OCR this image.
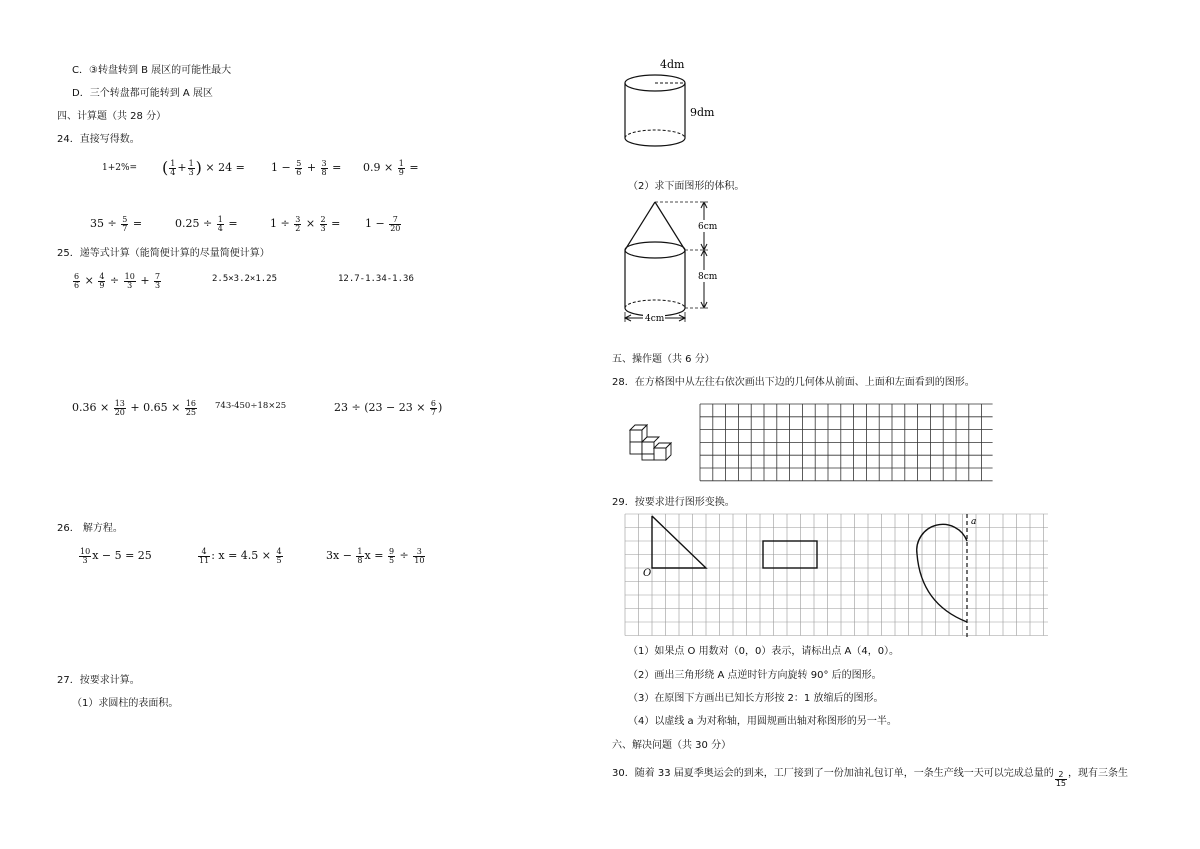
C．③转盘转到 B 展区的可能性最大
D．三个转盘都可能转到 A 展区
四、计算题（共 28 分）
24．直接写得数。
1+2%= ( $\frac{1}{4} + \frac{1}{3}$ ) × $24 = 1 - \frac{5}{6} + \frac{3}{8} = 0.9 \times \frac{1}{9}$ =
$35 \div \frac{5}{7}$ =	$0.25 \div \frac{1}{4}$ =	$1 \div \frac{3}{2} \times \frac{2}{3} = 1 - \frac{7}{20}$
25．递等式计算（能简便计算的尽量简便计算）
$\frac{6}{6} \times \frac{4}{9} \div \frac{10}{3} + \frac{7}{3}$	2.5×3.2×1.25	12.7-1.34-1.36
$0.36 \times \frac{13}{20} + 0.65 \times \frac{16}{25} 743-450\div 18\times 25$	$23 \div (23 - 23 \times \frac{6}{7}$ )
26． 解方程。
$\frac{10}{3}$ x − 5 = 25	$\frac{4}{11}$ : $x = 4.5 \times \frac{4}{5}$	$3x - \frac{1}{8}$ $x = \frac{9}{5} \div \frac{3}{10}$
27．按要求计算。
（1）求圆柱的表面积。
4dm
9dm
（2）求下面图形的体积。
6cm
8cm
4cm
五、操作题（共 6 分）
28．在方格图中从左往右依次画出下边的几何体从前面、上面和左面看到的图形。
29．按要求进行图形变换。
a
O
（1）如果点 O 用数对（0，0）表示，请标出点 A（4，0）。
（2）画出三角形绕 A 点逆时针方向旋转 90° 后的图形。
（3）在原图下方画出已知长方形按 2：1 放缩后的图形。
（4）以虚线 a 为对称轴，用圆规画出轴对称图形的另一半。
六、解决问题（共 30 分）
30．随着 33 届夏季奥运会的到来，工厂接到了一份加油礼包订单，一条生产线一天可以完成总量的 $\frac{2}{15}$ ，现有三条生
